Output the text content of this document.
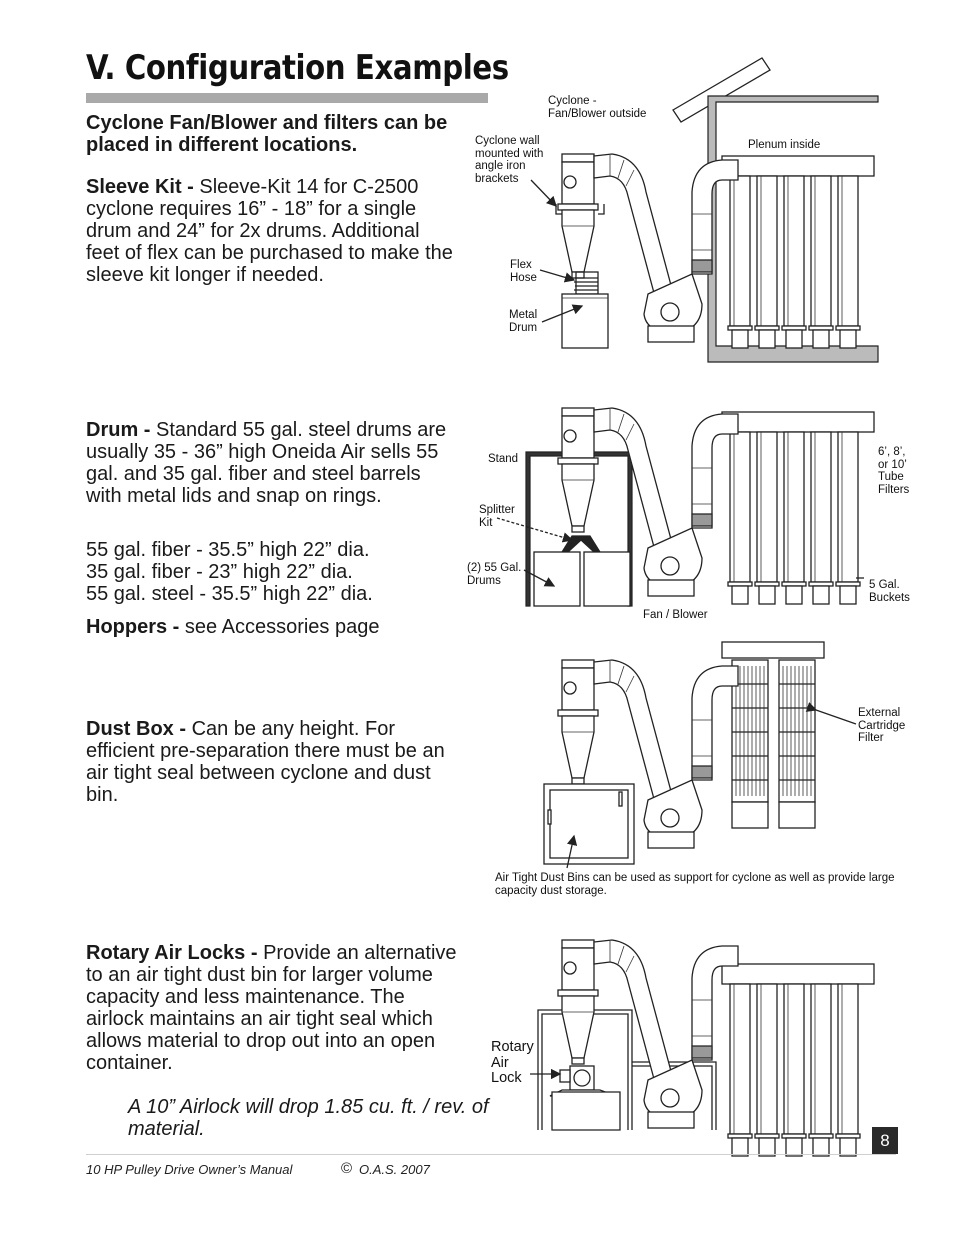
V. Configuration Examples

Cyclone Fan/Blower and filters can be placed in different locations.

Sleeve Kit - Sleeve-Kit 14 for C-2500 cyclone requires 16” - 18” for a single drum and 24” for 2x drums. Additional feet of flex can be purchased to make the sleeve kit longer if needed.

Drum - Standard 55 gal. steel drums are usually 35 - 36” high Oneida Air sells 55 gal. and 35 gal. fiber and steel barrels with metal lids and snap on rings.

55 gal. fiber - 35.5” high 22” dia.
35 gal. fiber - 23” high 22” dia.
55 gal. steel - 35.5” high 22” dia.

Hoppers - see Accessories page

Dust Box - Can be any height. For efficient pre-separation there must be an air tight seal between cyclone and dust bin.

Rotary Air Locks - Provide an alternative to an air tight dust bin for larger volume capacity and less maintenance. The airlock maintains an air tight seal which allows material to drop out into an open container.

A 10” Airlock will drop 1.85 cu. ft. / rev. of material.

Cyclone -
Fan/Blower outside
Cyclone wall
mounted with
angle iron
brackets
Plenum inside
Flex
Hose
Metal
Drum
Stand
Splitter
Kit
(2) 55 Gal.
Drums
6’, 8’,
or 10’
Tube
Filters
5 Gal.
Buckets
Fan / Blower
External
Cartridge
Filter
Air Tight Dust Bins can be used as support for cyclone as well as provide large
capacity dust storage.
Rotary
Air
Lock
8
10 HP Pulley Drive Owner’s Manual	© O.A.S. 2007
